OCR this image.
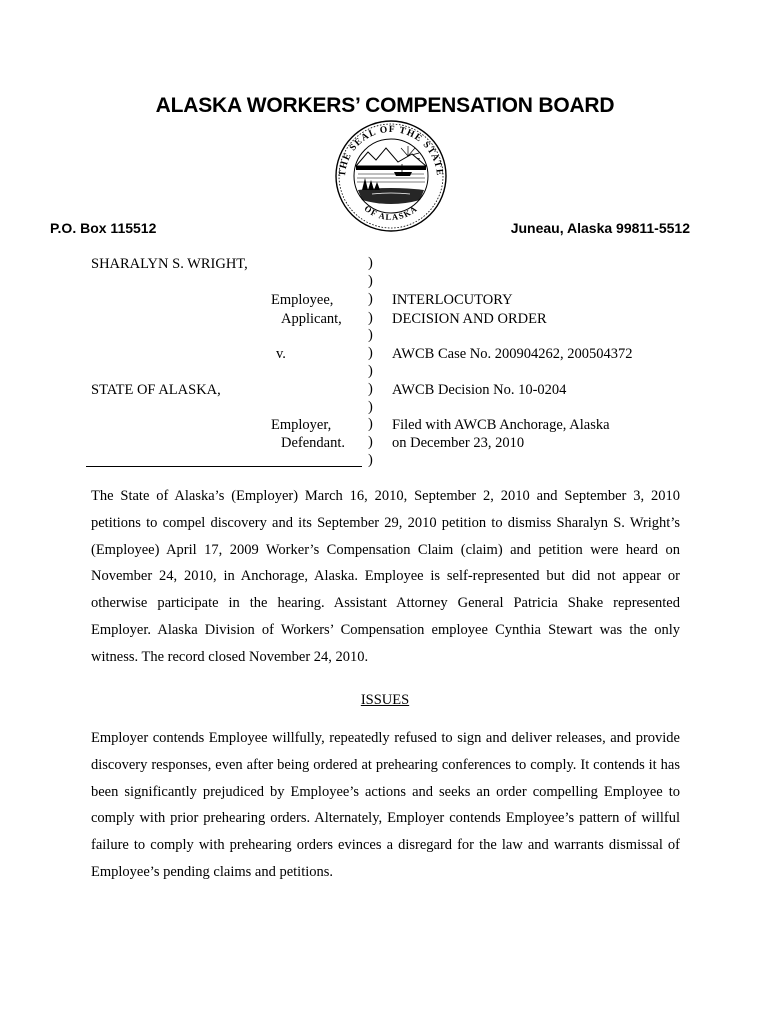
ALASKA WORKERS’ COMPENSATION BOARD
THE SEAL OF THE STATE
OF ALASKA
P.O. Box 115512	Juneau, Alaska 99811-5512
SHARALYN S. WRIGHT,
Employee,
Applicant,
v.
STATE OF ALASKA,
Employer,
Defendant.
)
)
)
)
)
)
)
)
)
)
)
)
INTERLOCUTORY
DECISION AND ORDER
AWCB Case No. 200904262, 200504372
AWCB Decision No. 10-0204
Filed with AWCB Anchorage, Alaska
on December 23, 2010

The State of Alaska’s (Employer) March 16, 2010, September 2, 2010 and September 3, 2010 petitions to compel discovery and its September 29, 2010 petition to dismiss Sharalyn S. Wright’s (Employee) April 17, 2009 Worker’s Compensation Claim (claim) and petition were heard on November 24, 2010, in Anchorage, Alaska. Employee is self-represented but did not appear or otherwise participate in the hearing. Assistant Attorney General Patricia Shake represented Employer. Alaska Division of Workers’ Compensation employee Cynthia Stewart was the only witness. The record closed November 24, 2010.

ISSUES

Employer contends Employee willfully, repeatedly refused to sign and deliver releases, and provide discovery responses, even after being ordered at prehearing conferences to comply. It contends it has been significantly prejudiced by Employee’s actions and seeks an order compelling Employee to comply with prior prehearing orders. Alternately, Employer contends Employee’s pattern of willful failure to comply with prehearing orders evinces a disregard for the law and warrants dismissal of Employee’s pending claims and petitions.
